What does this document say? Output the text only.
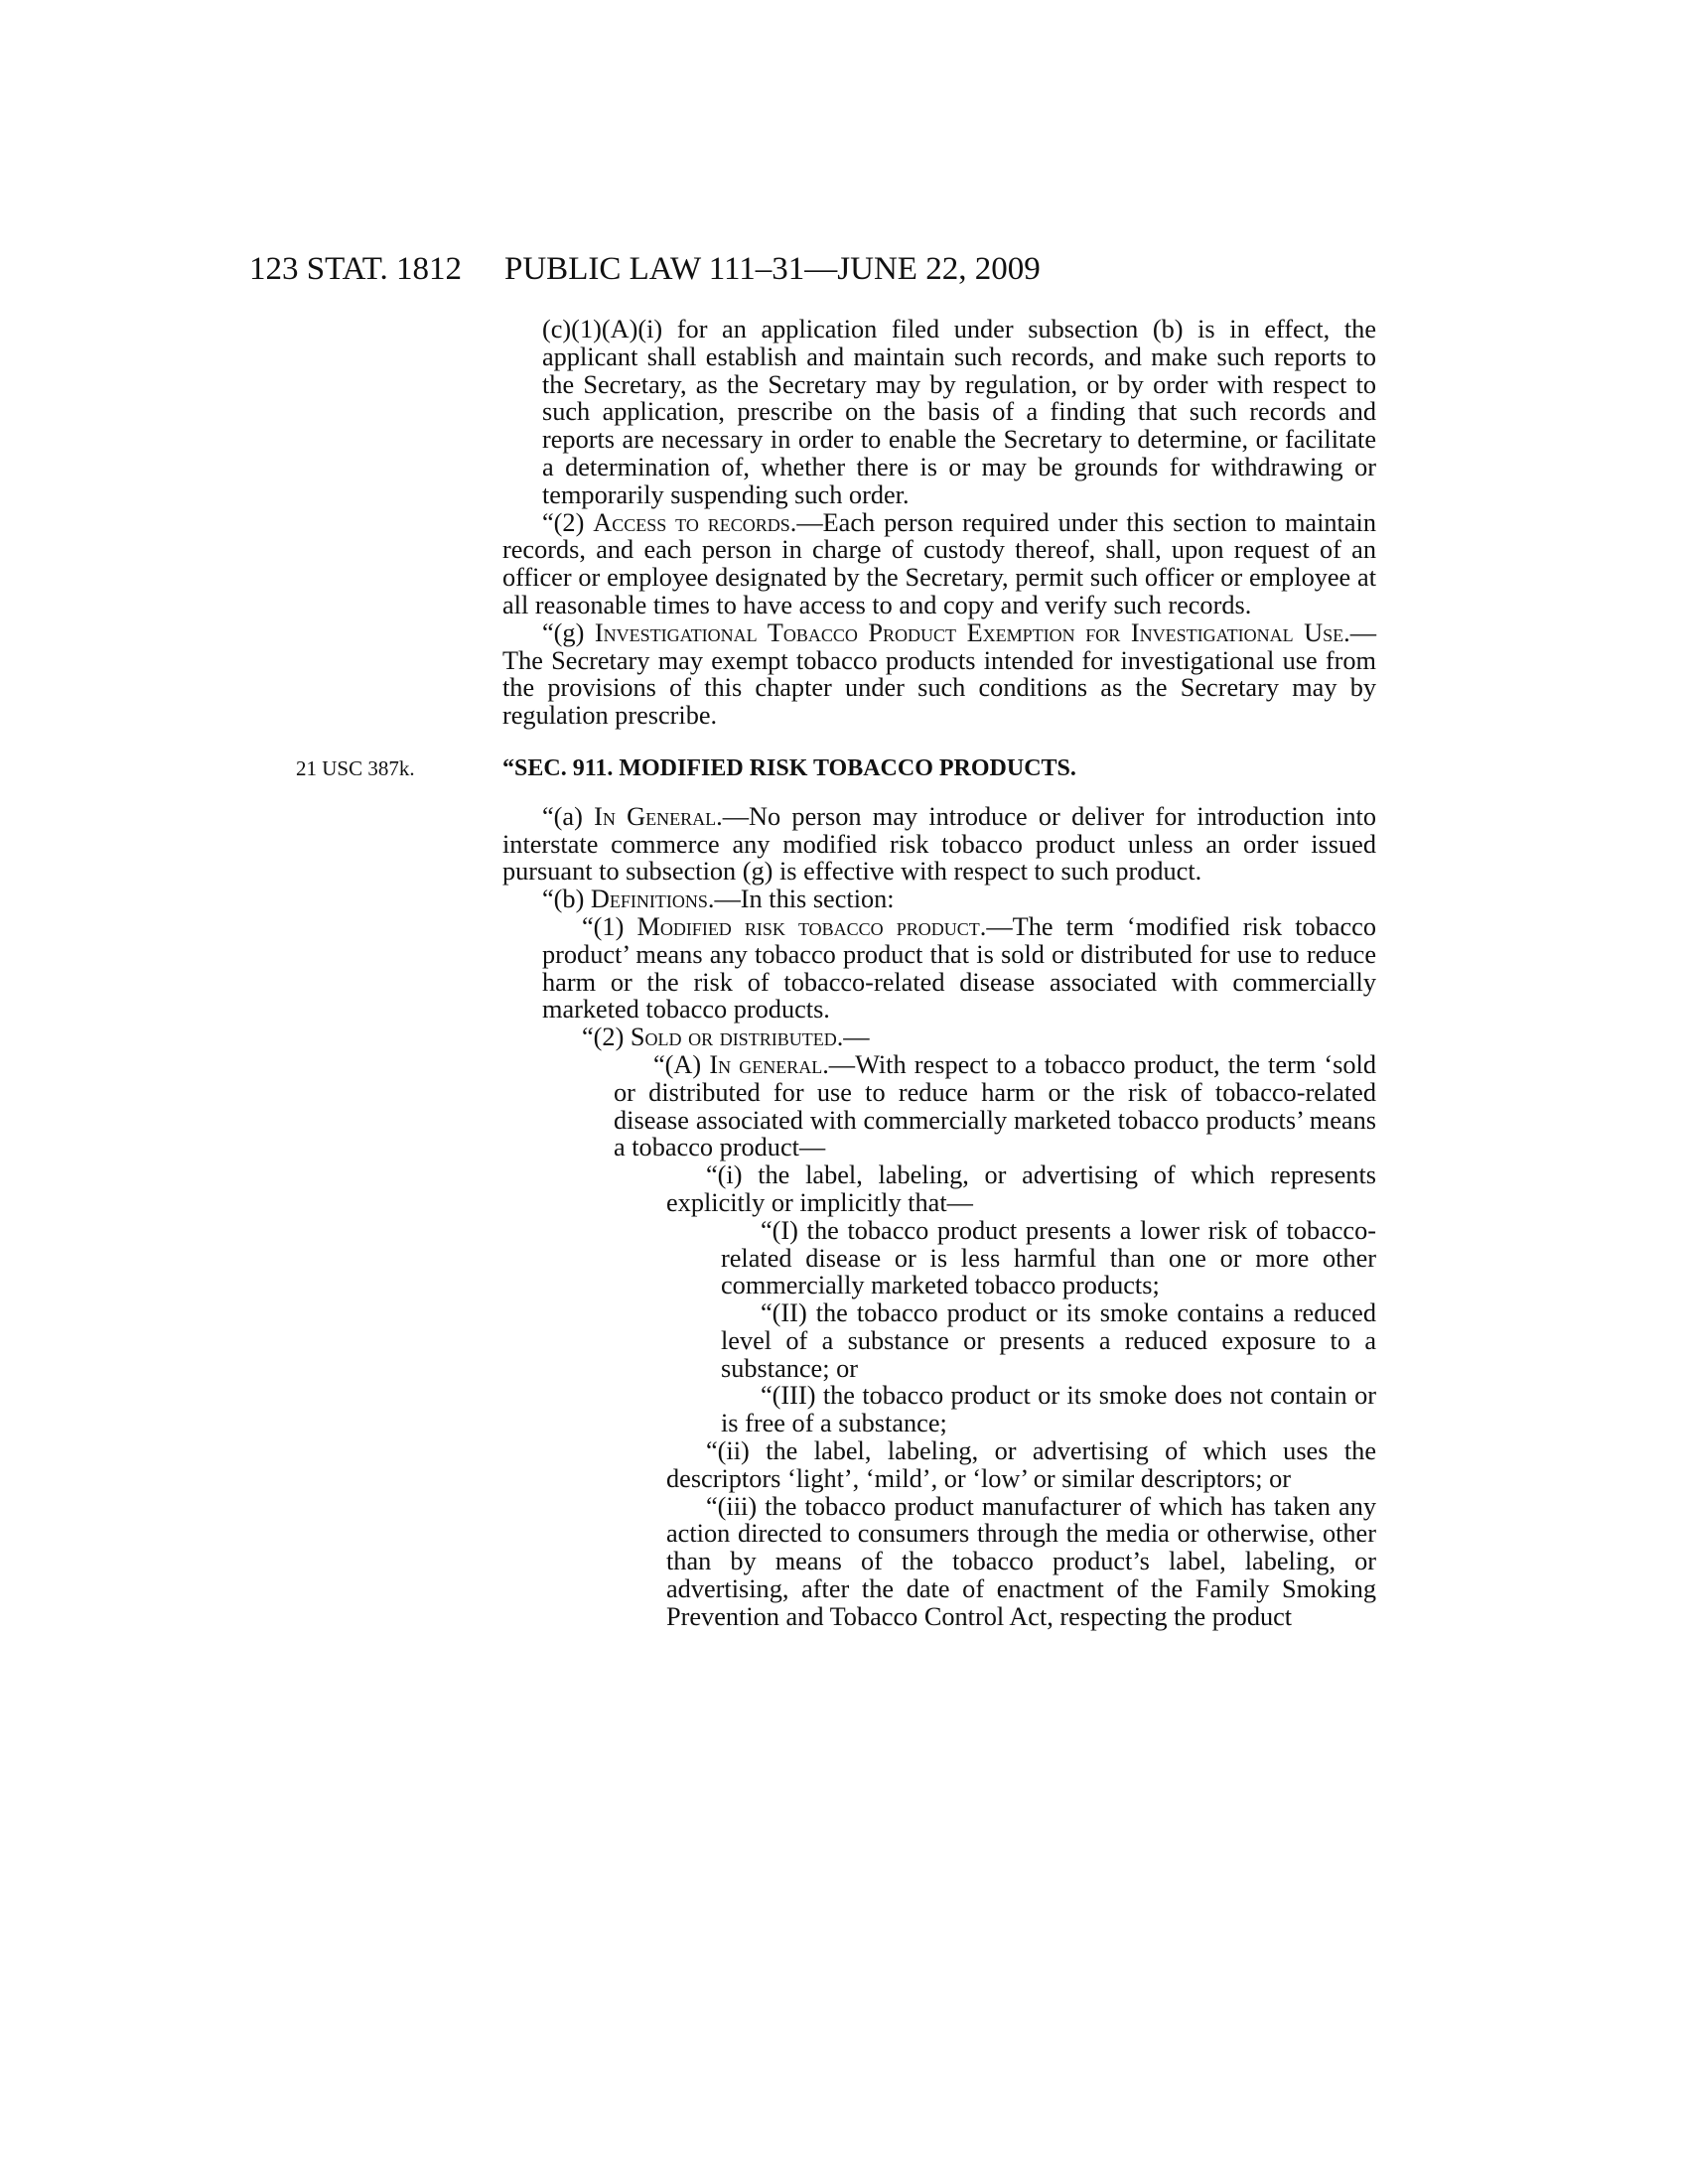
123 STAT. 1812 PUBLIC LAW 111–31—JUNE 22, 2009

(c)(1)(A)(i) for an application filed under subsection (b) is in effect, the applicant shall establish and maintain such records, and make such reports to the Secretary, as the Secretary may by regulation, or by order with respect to such application, prescribe on the basis of a finding that such records and reports are necessary in order to enable the Secretary to determine, or facilitate a determination of, whether there is or may be grounds for withdrawing or temporarily suspending such order.

“(2) Access to records.—Each person required under this section to maintain records, and each person in charge of custody thereof, shall, upon request of an officer or employee designated by the Secretary, permit such officer or employee at all reasonable times to have access to and copy and verify such records.

“(g) Investigational Tobacco Product Exemption for Investigational Use.—The Secretary may exempt tobacco products intended for investigational use from the provisions of this chapter under such conditions as the Secretary may by regulation prescribe.

21 USC 387k.	“SEC. 911. MODIFIED RISK TOBACCO PRODUCTS.

“(a) In General.—No person may introduce or deliver for introduction into interstate commerce any modified risk tobacco product unless an order issued pursuant to subsection (g) is effective with respect to such product.

“(b) Definitions.—In this section:

“(1) Modified risk tobacco product.—The term ‘modified risk tobacco product’ means any tobacco product that is sold or distributed for use to reduce harm or the risk of tobacco-related disease associated with commercially marketed tobacco products.

“(2) Sold or distributed.—

“(A) In general.—With respect to a tobacco product, the term ‘sold or distributed for use to reduce harm or the risk of tobacco-related disease associated with commercially marketed tobacco products’ means a tobacco product—

“(i) the label, labeling, or advertising of which represents explicitly or implicitly that—

“(I) the tobacco product presents a lower risk of tobacco-related disease or is less harmful than one or more other commercially marketed tobacco products;

“(II) the tobacco product or its smoke contains a reduced level of a substance or presents a reduced exposure to a substance; or

“(III) the tobacco product or its smoke does not contain or is free of a substance;

“(ii) the label, labeling, or advertising of which uses the descriptors ‘light’, ‘mild’, or ‘low’ or similar descriptors; or

“(iii) the tobacco product manufacturer of which has taken any action directed to consumers through the media or otherwise, other than by means of the tobacco product’s label, labeling, or advertising, after the date of enactment of the Family Smoking Prevention and Tobacco Control Act, respecting the product
